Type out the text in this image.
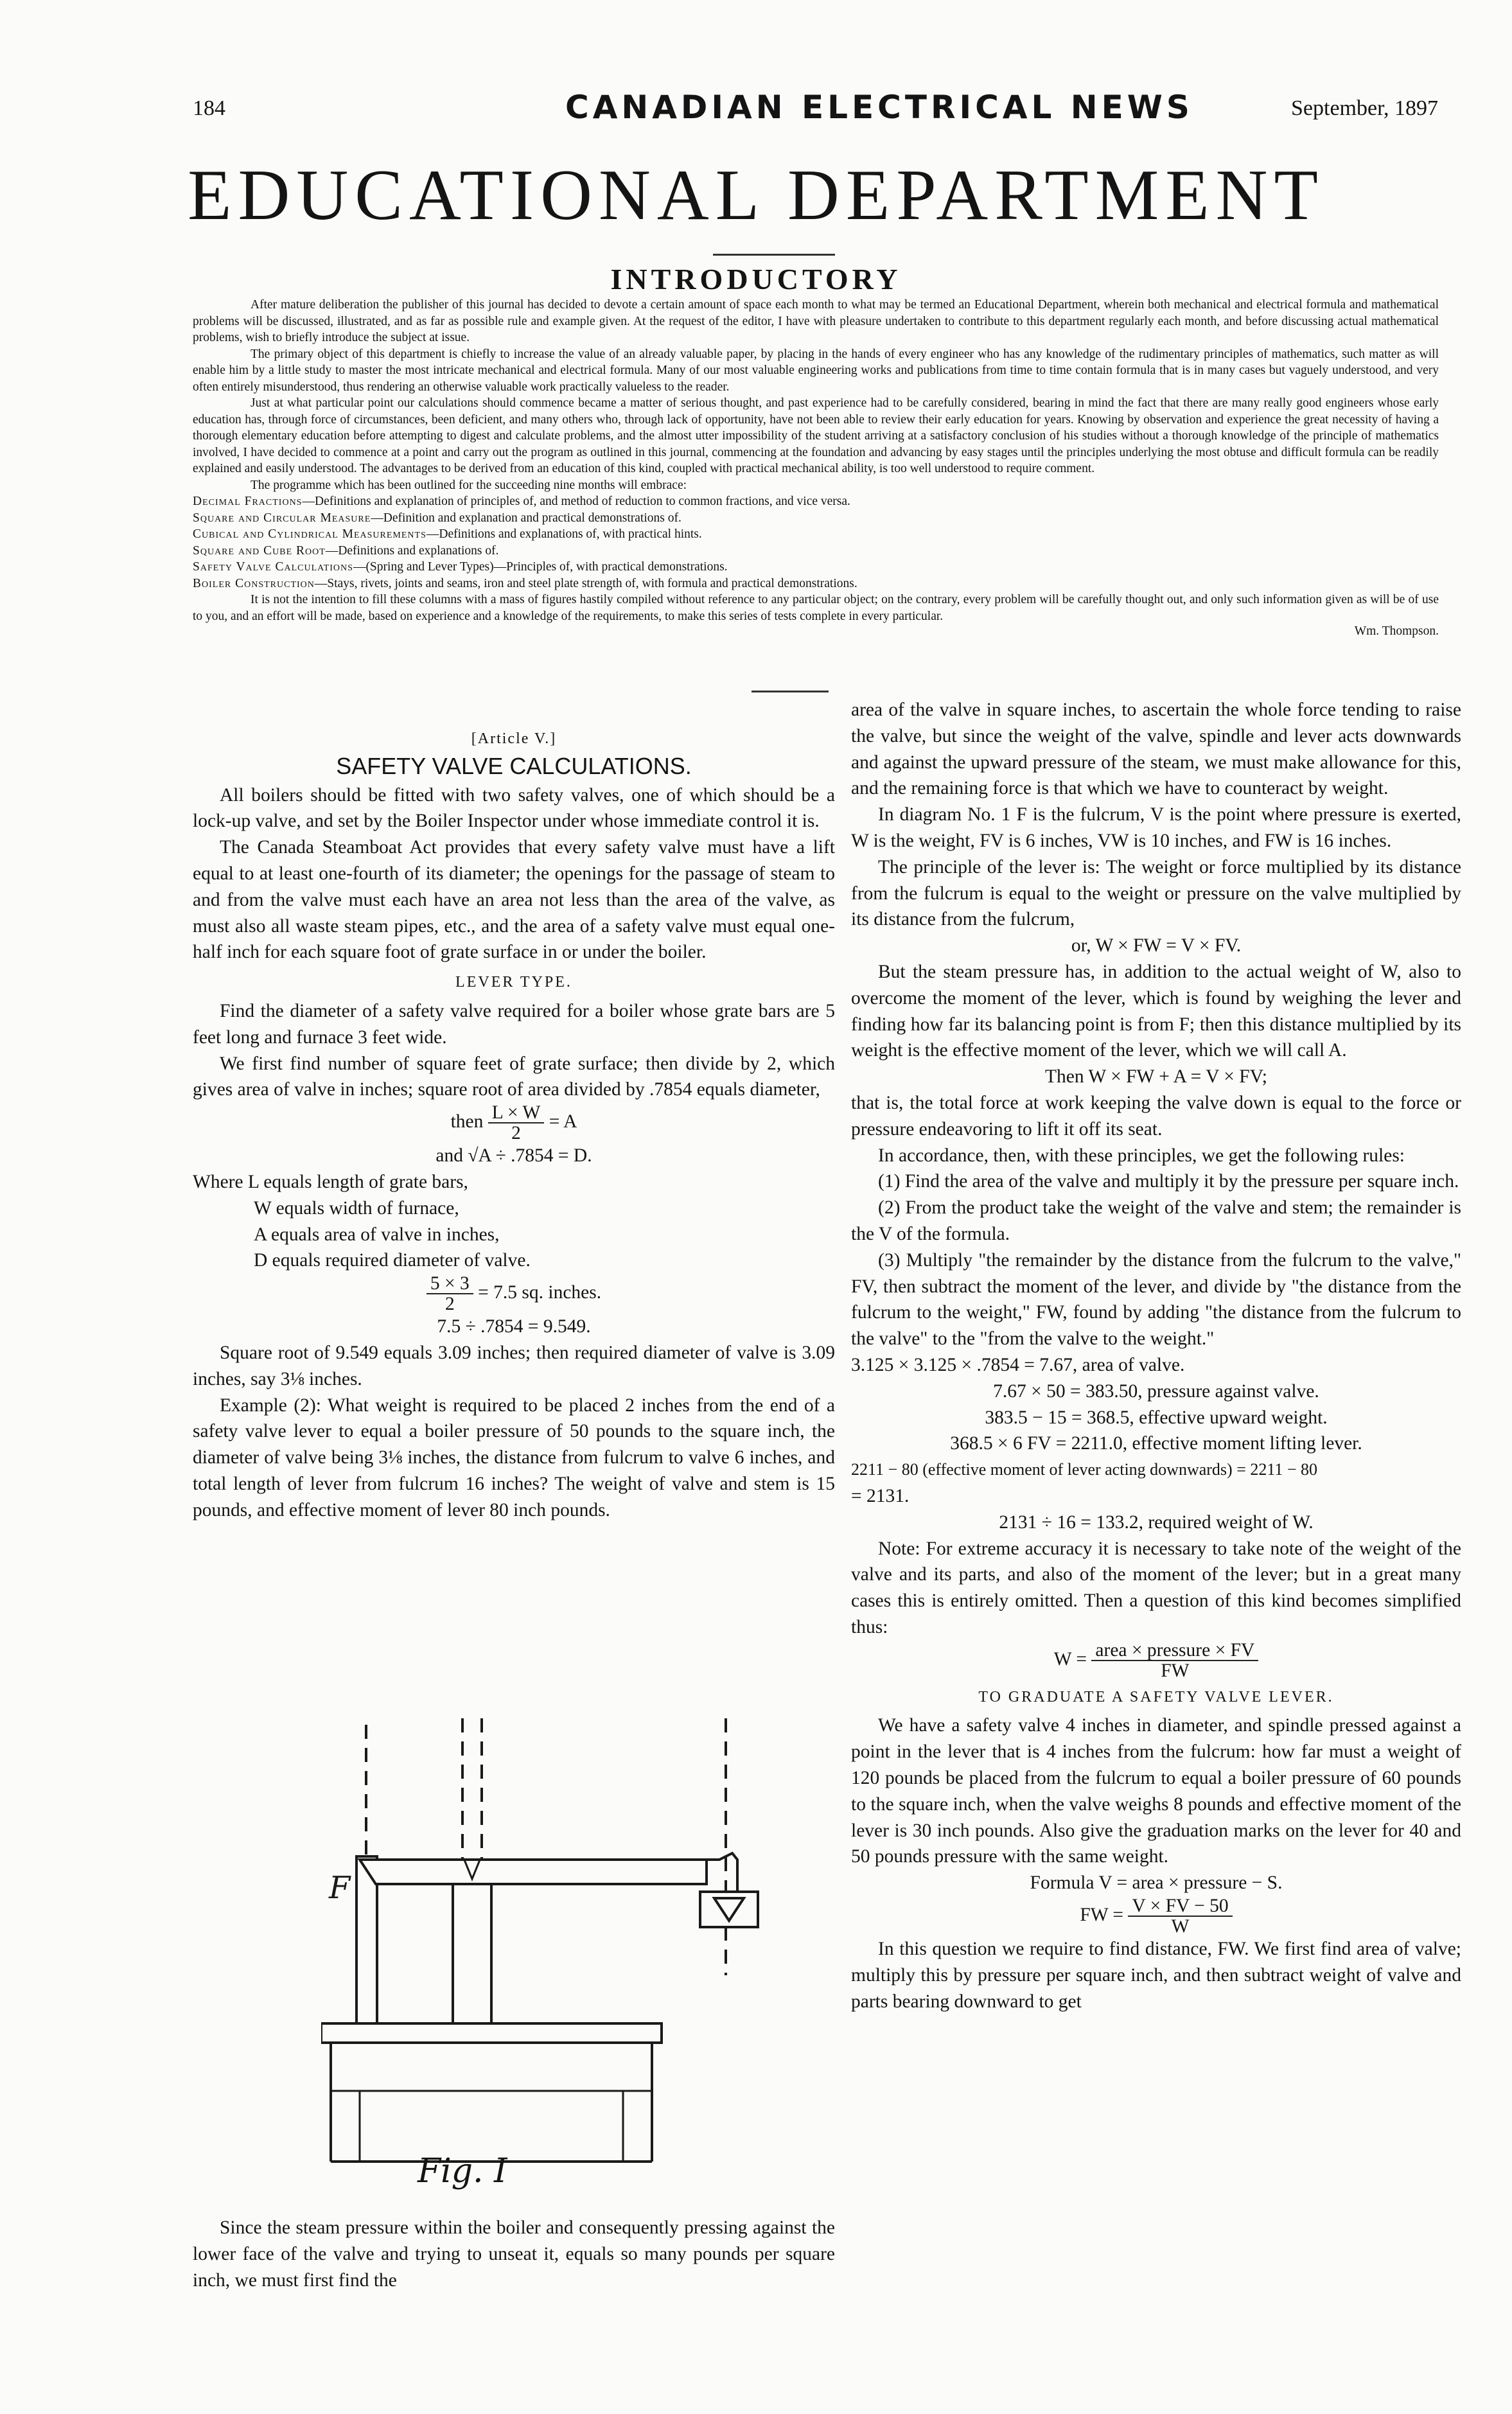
184	CANADIAN ELECTRICAL NEWS	September, 1897
EDUCATIONAL DEPARTMENT
INTRODUCTORY

After mature deliberation the publisher of this journal has decided to devote a certain amount of space each month to what may be termed an Educational Department, wherein both mechanical and electrical formula and mathematical problems will be discussed, illustrated, and as far as possible rule and example given. At the request of the editor, I have with pleasure undertaken to contribute to this department regularly each month, and before discussing actual mathematical problems, wish to briefly introduce the subject at issue.

The primary object of this department is chiefly to increase the value of an already valuable paper, by placing in the hands of every engineer who has any knowledge of the rudimentary principles of mathematics, such matter as will enable him by a little study to master the most intricate mechanical and electrical formula. Many of our most valuable engineering works and publications from time to time contain formula that is in many cases but vaguely understood, and very often entirely misunderstood, thus rendering an otherwise valuable work practically valueless to the reader.

Just at what particular point our calculations should commence became a matter of serious thought, and past experience had to be carefully considered, bearing in mind the fact that there are many really good engineers whose early education has, through force of circumstances, been deficient, and many others who, through lack of opportunity, have not been able to review their early education for years. Knowing by observation and experience the great necessity of having a thorough elementary education before attempting to digest and calculate problems, and the almost utter impossibility of the student arriving at a satisfactory conclusion of his studies without a thorough knowledge of the principle of mathematics involved, I have decided to commence at a point and carry out the program as outlined in this journal, commencing at the foundation and advancing by easy stages until the principles underlying the most obtuse and difficult formula can be readily explained and easily understood. The advantages to be derived from an education of this kind, coupled with practical mechanical ability, is too well understood to require comment.

The programme which has been outlined for the succeeding nine months will embrace:

Decimal Fractions—Definitions and explanation of principles of, and method of reduction to common fractions, and vice versa.

Square and Circular Measure—Definition and explanation and practical demonstrations of.

Cubical and Cylindrical Measurements—Definitions and explanations of, with practical hints.

Square and Cube Root—Definitions and explanations of.

Safety Valve Calculations—(Spring and Lever Types)—Principles of, with practical demonstrations.

Boiler Construction—Stays, rivets, joints and seams, iron and steel plate strength of, with formula and practical demonstrations.

It is not the intention to fill these columns with a mass of figures hastily compiled without reference to any particular object; on the contrary, every problem will be carefully thought out, and only such information given as will be of use to you, and an effort will be made, based on experience and a knowledge of the requirements, to make this series of tests complete in every particular.

Wm. Thompson.

[Article V.]
SAFETY VALVE CALCULATIONS.

All boilers should be fitted with two safety valves, one of which should be a lock-up valve, and set by the Boiler Inspector under whose immediate control it is.

The Canada Steamboat Act provides that every safety valve must have a lift equal to at least one-fourth of its diameter; the openings for the passage of steam to and from the valve must each have an area not less than the area of the valve, as must also all waste steam pipes, etc., and the area of a safety valve must equal one-half inch for each square foot of grate surface in or under the boiler.

LEVER TYPE.

Find the diameter of a safety valve required for a boiler whose grate bars are 5 feet long and furnace 3 feet wide.

We first find number of square feet of grate surface; then divide by 2, which gives area of valve in inches; square root of area divided by .7854 equals diameter,

then $\frac{L \times W}{2} = A$

and √A ÷ .7854 = D.

Where L equals length of grate bars,

W equals width of furnace,

A equals area of valve in inches,

D equals required diameter of valve.

$\frac{5 \times 3}{2} = 7.5$ sq. inches.

7.5 ÷ .7854 = 9.549.

Square root of 9.549 equals 3.09 inches; then required diameter of valve is 3.09 inches, say 3⅛ inches.

Example (2): What weight is required to be placed 2 inches from the end of a safety valve lever to equal a boiler pressure of 50 pounds to the square inch, the diameter of valve being 3⅛ inches, the distance from fulcrum to valve 6 inches, and total length of lever from fulcrum 16 inches? The weight of valve and stem is 15 pounds, and effective moment of lever 80 inch pounds.

F
Fig. I

Since the steam pressure within the boiler and consequently pressing against the lower face of the valve and trying to unseat it, equals so many pounds per square inch, we must first find the

area of the valve in square inches, to ascertain the whole force tending to raise the valve, but since the weight of the valve, spindle and lever acts downwards and against the upward pressure of the steam, we must make allowance for this, and the remaining force is that which we have to counteract by weight.

In diagram No. 1 F is the fulcrum, V is the point where pressure is exerted, W is the weight, FV is 6 inches, VW is 10 inches, and FW is 16 inches.

The principle of the lever is: The weight or force multiplied by its distance from the fulcrum is equal to the weight or pressure on the valve multiplied by its distance from the fulcrum,

or, W × FW = V × FV.

But the steam pressure has, in addition to the actual weight of W, also to overcome the moment of the lever, which is found by weighing the lever and finding how far its balancing point is from F; then this distance multiplied by its weight is the effective moment of the lever, which we will call A.

Then W × FW + A = V × FV;

that is, the total force at work keeping the valve down is equal to the force or pressure endeavoring to lift it off its seat.

In accordance, then, with these principles, we get the following rules:

(1) Find the area of the valve and multiply it by the pressure per square inch.

(2) From the product take the weight of the valve and stem; the remainder is the V of the formula.

(3) Multiply "the remainder by the distance from the fulcrum to the valve," FV, then subtract the moment of the lever, and divide by "the distance from the fulcrum to the weight," FW, found by adding "the distance from the fulcrum to the valve" to the "from the valve to the weight."

3.125 × 3.125 × .7854 = 7.67, area of valve.

7.67 × 50 = 383.50, pressure against valve.

383.5 − 15 = 368.5, effective upward weight.

368.5 × 6 FV = 2211.0, effective moment lifting lever.

2211 − 80 (effective moment of lever acting downwards) = 2211 − 80

= 2131.

2131 ÷ 16 = 133.2, required weight of W.

Note: For extreme accuracy it is necessary to take note of the weight of the valve and its parts, and also of the moment of the lever; but in a great many cases this is entirely omitted. Then a question of this kind becomes simplified thus:

$W = \frac{\text{area × pressure × FV}}{FW}$

TO GRADUATE A SAFETY VALVE LEVER.

We have a safety valve 4 inches in diameter, and spindle pressed against a point in the lever that is 4 inches from the fulcrum: how far must a weight of 120 pounds be placed from the fulcrum to equal a boiler pressure of 60 pounds to the square inch, when the valve weighs 8 pounds and effective moment of the lever is 30 inch pounds. Also give the graduation marks on the lever for 40 and 50 pounds pressure with the same weight.

Formula V = area × pressure − S.

FW = $\frac{V \times FV - 50}{W}$

In this question we require to find distance, FW. We first find area of valve; multiply this by pressure per square inch, and then subtract weight of valve and parts bearing downward to get
